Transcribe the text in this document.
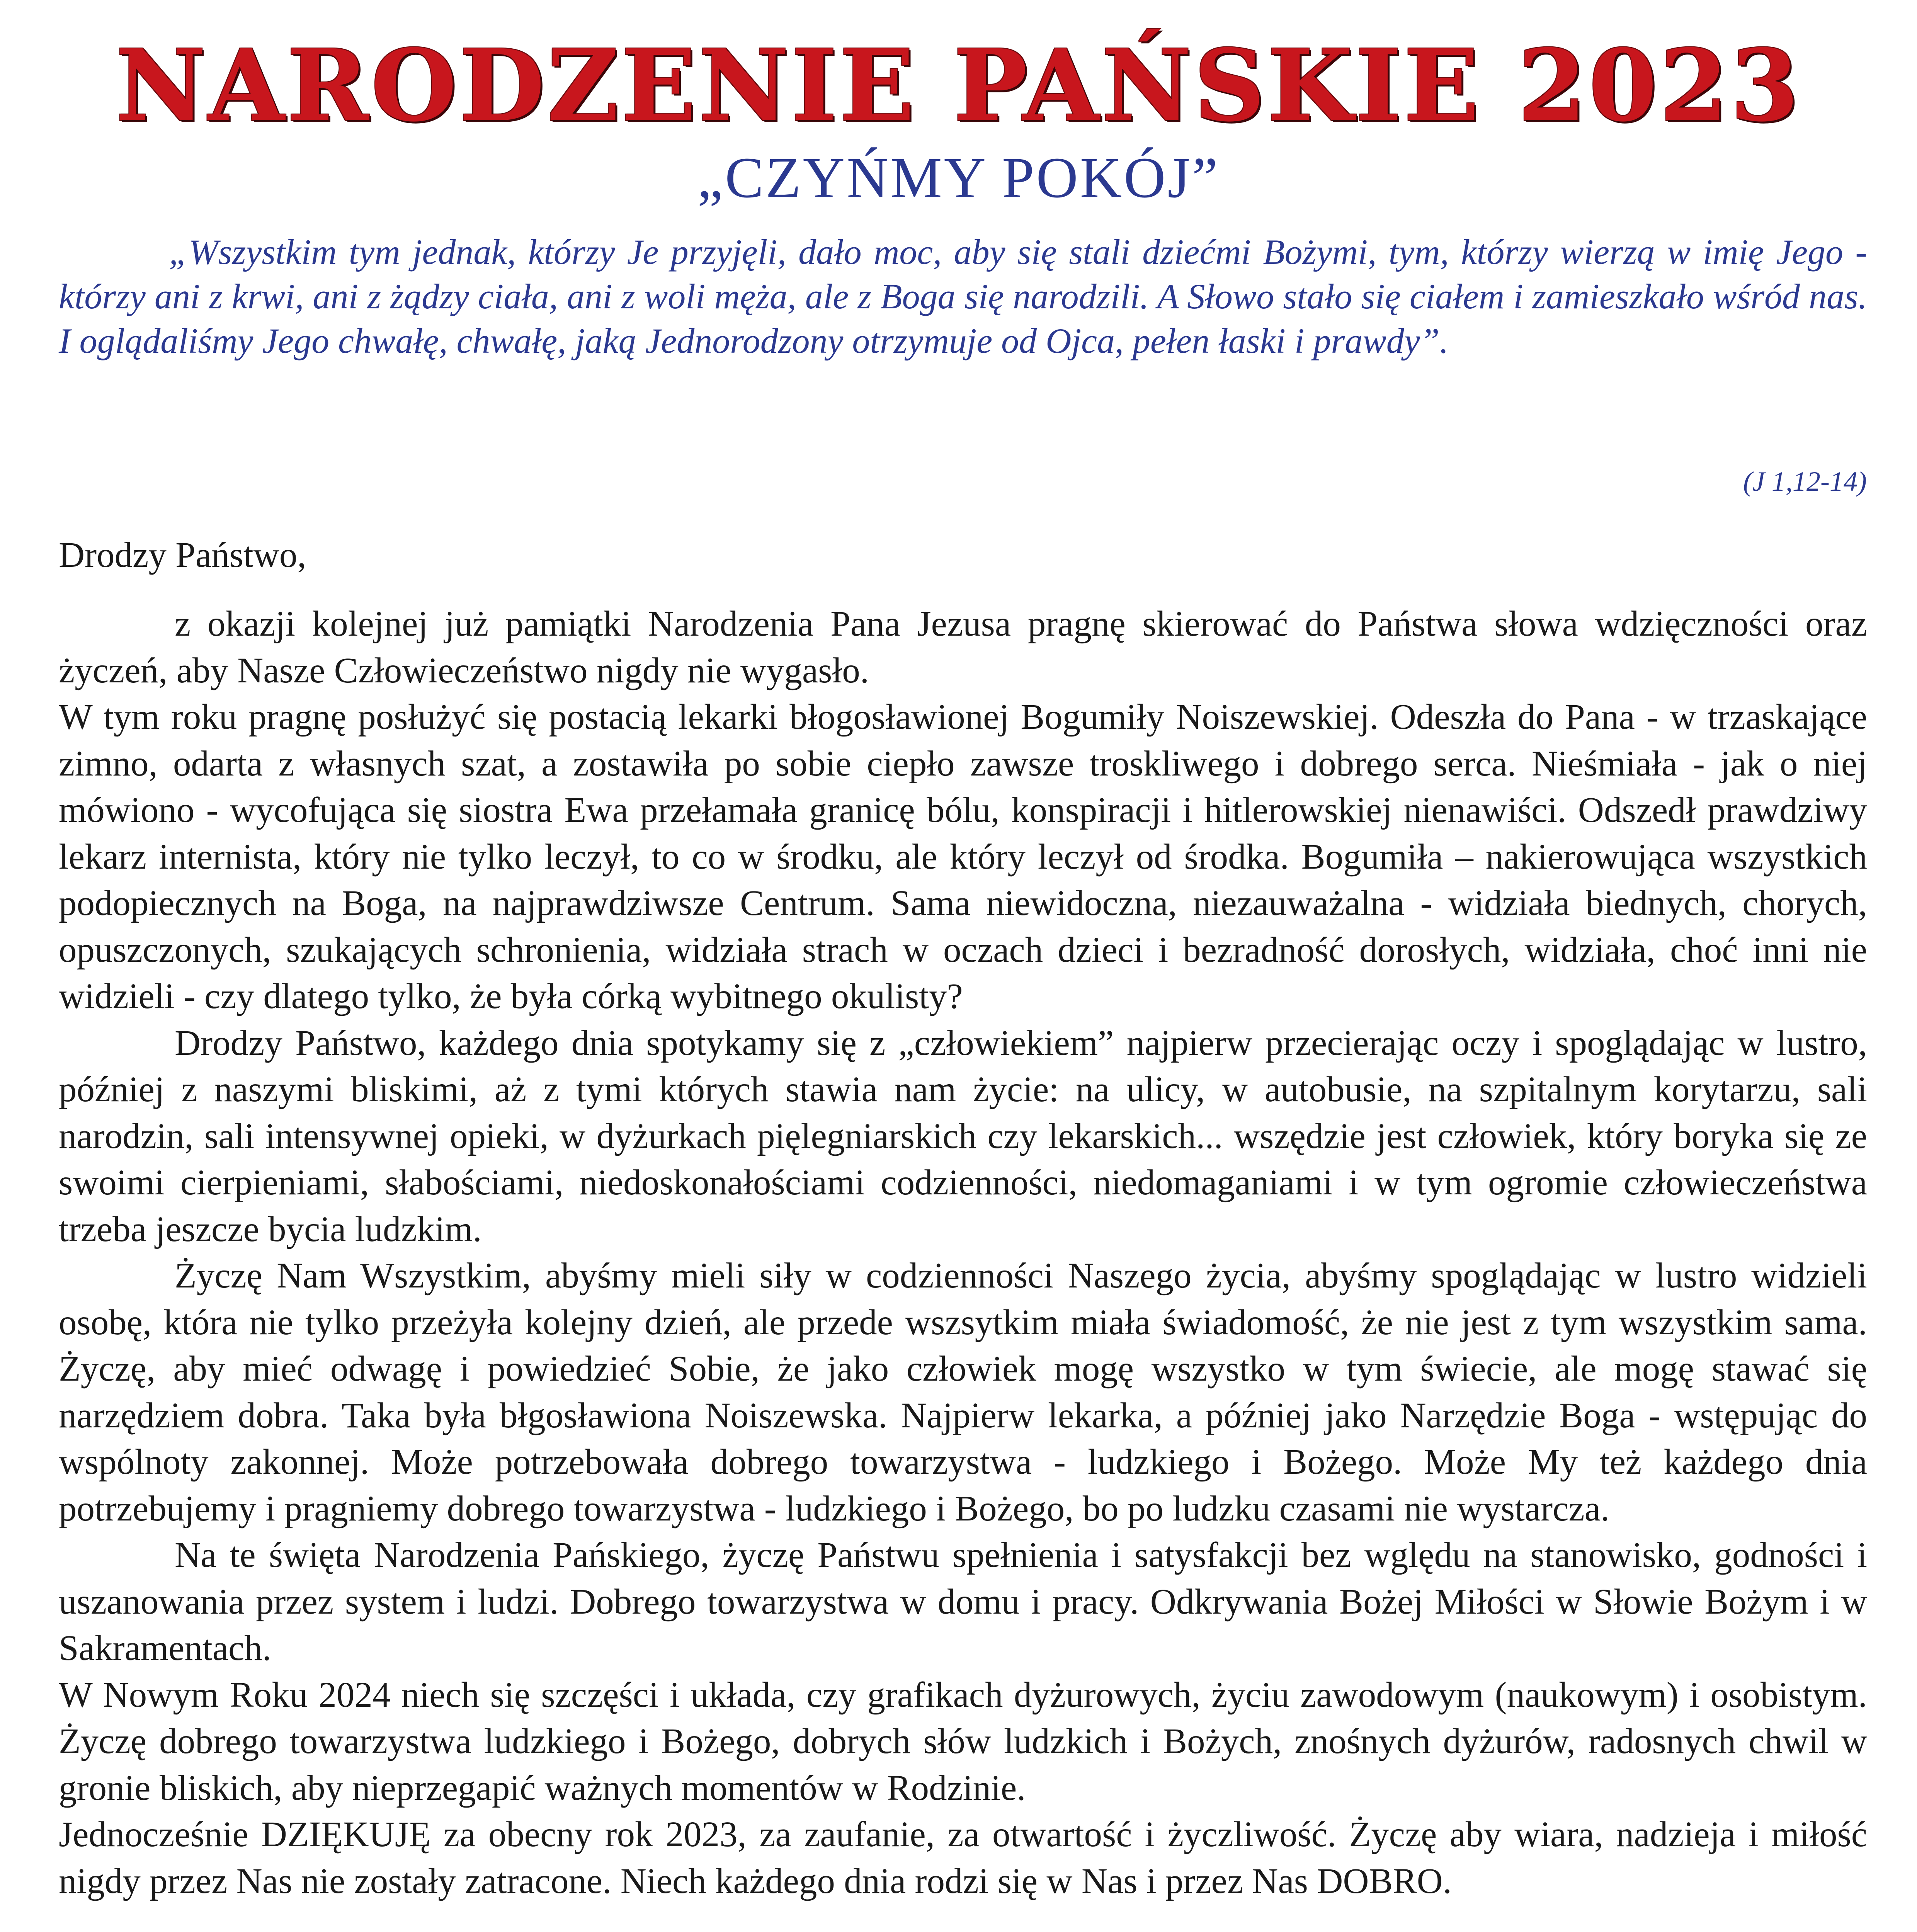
NARODZENIE PAŃSKIE 2023
„CZYŃMY POKÓJ”

„Wszystkim tym jednak, którzy Je przyjęli, dało moc, aby się stali dziećmi Bożymi, tym, którzy wierzą w imię Jego - którzy ani z krwi, ani z żądzy ciała, ani z woli męża, ale z Boga się narodzili. A Słowo stało się ciałem i zamieszkało wśród nas. I oglądaliśmy Jego chwałę, chwałę, jaką Jednorodzony otrzymuje od Ojca, pełen łaski i prawdy”.

(J 1,12-14)
Drodzy Państwo,

z okazji kolejnej już pamiątki Narodzenia Pana Jezusa pragnę skierować do Państwa słowa wdzięczności oraz życzeń, aby Nasze Człowieczeństwo nigdy nie wygasło.

W tym roku pragnę posłużyć się postacią lekarki błogosławionej Bogumiły Noiszewskiej. Odeszła do Pana - w trzaskające zimno, odarta z własnych szat, a zostawiła po sobie ciepło zawsze troskliwego i dobrego serca. Nieśmiała - jak o niej mówiono - wycofująca się siostra Ewa przełamała granicę bólu, konspiracji i hitlerowskiej nienawiści. Odszedł prawdziwy lekarz internista, który nie tylko leczył, to co w środku, ale który leczył od środka. Bogumiła – nakierowująca wszystkich podopiecznych na Boga, na najprawdziwsze Centrum. Sama niewidoczna, niezauważalna - widziała biednych, chorych, opuszczonych, szukających schronienia, widziała strach w oczach dzieci i bezradność dorosłych, widziała, choć inni nie widzieli - czy dlatego tylko, że była córką wybitnego okulisty?

Drodzy Państwo, każdego dnia spotykamy się z „człowiekiem” najpierw przecierając oczy i spoglądając w lustro, później z naszymi bliskimi, aż z tymi których stawia nam życie: na ulicy, w autobusie, na szpitalnym korytarzu, sali narodzin, sali intensywnej opieki, w dyżurkach pięlegniarskich czy lekarskich... wszędzie jest człowiek, który boryka się ze swoimi cierpieniami, słabościami, niedoskonałościami codzienności, niedomaganiami i w tym ogromie człowieczeństwa trzeba jeszcze bycia ludzkim.

Życzę Nam Wszystkim, abyśmy mieli siły w codzienności Naszego życia, abyśmy spoglądając w lustro widzieli osobę, która nie tylko przeżyła kolejny dzień, ale przede wszsytkim miała świadomość, że nie jest z tym wszystkim sama. Życzę, aby mieć odwagę i powiedzieć Sobie, że jako człowiek mogę wszystko w tym świecie, ale mogę stawać się narzędziem dobra. Taka była błgosławiona Noiszewska. Najpierw lekarka, a później jako Narzędzie Boga - wstępując do wspólnoty zakonnej. Może potrzebowała dobrego towarzystwa - ludzkiego i Bożego. Może My też każdego dnia potrzebujemy i pragniemy dobrego towarzystwa - ludzkiego i Bożego, bo po ludzku czasami nie wystarcza.

Na te święta Narodzenia Pańskiego, życzę Państwu spełnienia i satysfakcji bez wględu na stanowisko, godności i uszanowania przez system i ludzi. Dobrego towarzystwa w domu i pracy. Odkrywania Bożej Miłości w Słowie Bożym i w Sakramentach.

W Nowym Roku 2024 niech się szczęści i układa, czy grafikach dyżurowych, życiu zawodowym (naukowym) i osobistym. Życzę dobrego towarzystwa ludzkiego i Bożego, dobrych słów ludzkich i Bożych, znośnych dyżurów, radosnych chwil w gronie bliskich, aby nieprzegapić ważnych momentów w Rodzinie.

Jednocześnie DZIĘKUJĘ za obecny rok 2023, za zaufanie, za otwartość i życzliwość. Życzę aby wiara, nadzieja i miłość nigdy przez Nas nie zostały zatracone. Niech każdego dnia rodzi się w Nas i przez Nas DOBRO.
